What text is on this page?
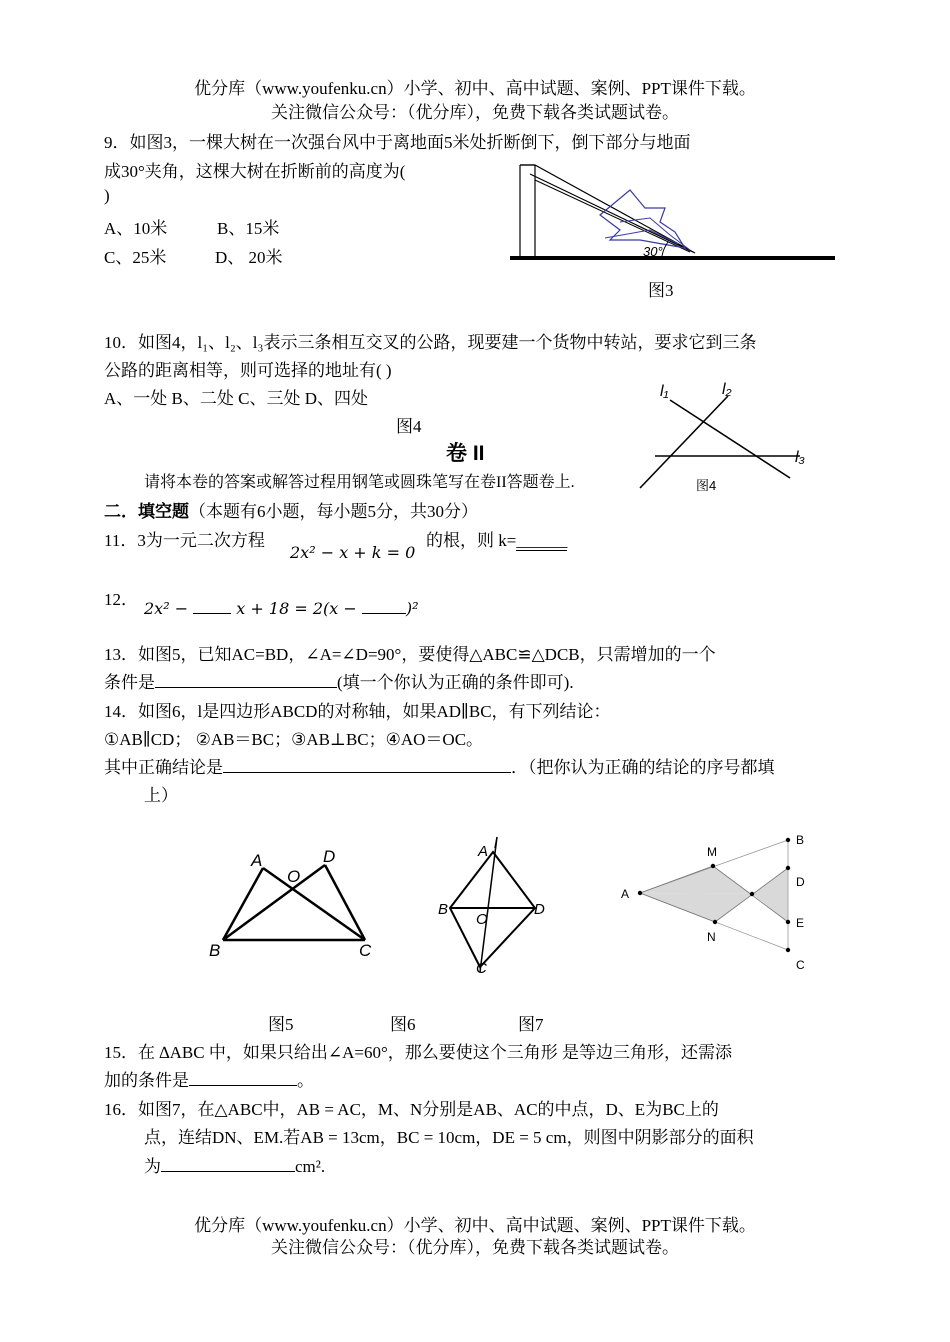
优分库（www.youfenku.cn）小学、初中、高中试题、案例、PPT课件下载。
关注微信公众号：（优分库），免费下载各类试题试卷。
9．如图3，一棵大树在一次强台风中于离地面5米处折断倒下，倒下部分与地面
成30°夹角，这棵大树在折断前的高度为(
)
A、10米	B、15米
C、25米	D、 20米	30°
图3
10．如图4，l₁、l₂、l₃表示三条相互交叉的公路，现要建一个货物中转站，要求它到三条
公路的距离相等，则可选择的地址有( )
A、一处 B、二处 C、三处 D、四处
图4
l₁	l₂
l₃
图4
卷 II
请将本卷的答案或解答过程用钢笔或圆珠笔写在卷II答题卷上.
二．填空题（本题有6小题，每小题5分，共30分）
11．3为一元二次方程
2x² − x + k = 0
的根，则 k=______
12． 2x² −	x + 18 = 2(x −	)²
13．如图5，已知AC=BD，∠A=∠D=90°，要使得△ABC≌△DCB，只需增加的一个
条件是	(填一个你认为正确的条件即可).
14．如图6，l是四边形ABCD的对称轴，如果AD∥BC，有下列结论：
①AB∥CD； ②AB＝BC；③AB⊥BC；④AO＝OC。
其中正确结论是	．（把你认为正确的结论的序号都填
上）
A	D
O
B	C
图5
A l
B	D
O
C
图6
A
M
N
B
D
E
C
图7
15．在 ∆ABC 中，如果只给出∠A=60°，那么要使这个三角形 是等边三角形，还需添
加的条件是	。
16．如图7，在△ABC中，AB = AC，M、N分别是AB、AC的中点，D、E为BC上的
点，连结DN、EM.若AB = 13cm，BC = 10cm，DE = 5 cm，则图中阴影部分的面积
为	cm².
优分库（www.youfenku.cn）小学、初中、高中试题、案例、PPT课件下载。
关注微信公众号：（优分库），免费下载各类试题试卷。
